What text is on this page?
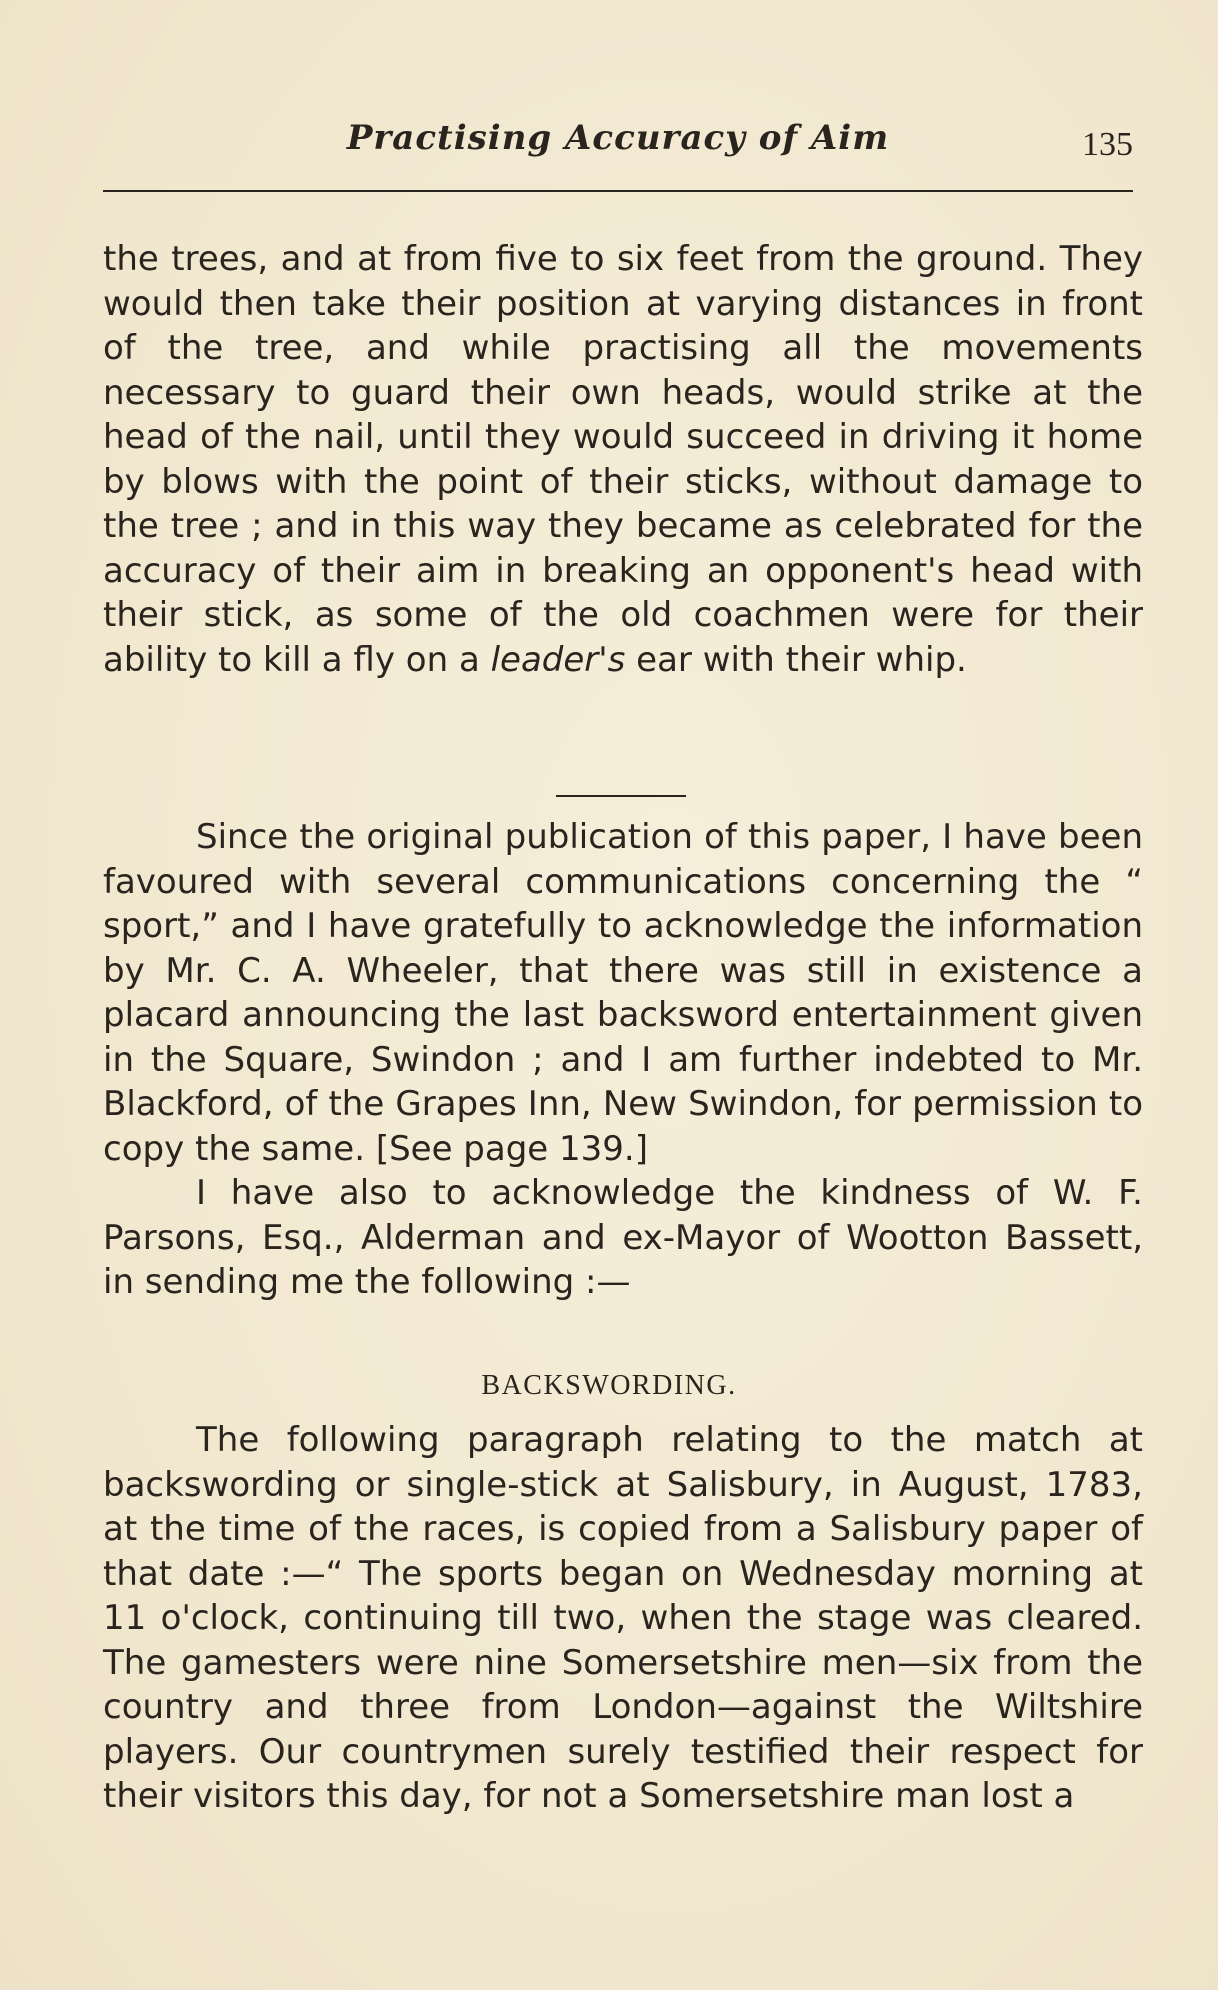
Practising Accuracy of Aim	135

the trees, and at from five to six feet from the ground. They would then take their position at varying distances in front of the tree, and while practising all the movements necessary to guard their own heads, would strike at the head of the nail, until they would succeed in driving it home by blows with the point of their sticks, without damage to the tree ; and in this way they became as celebrated for the accuracy of their aim in breaking an opponent's head with their stick, as some of the old coachmen were for their ability to kill a fly on a leader's ear with their whip.

Since the original publication of this paper, I have been favoured with several communications concerning the “ sport,” and I have gratefully to acknowledge the information by Mr. C. A. Wheeler, that there was still in existence a placard announcing the last backsword entertainment given in the Square, Swindon ; and I am further indebted to Mr. Blackford, of the Grapes Inn, New Swindon, for permission to copy the same. [See page 139.]

I have also to acknowledge the kindness of W. F. Parsons, Esq., Alderman and ex-Mayor of Wootton Bassett, in sending me the following :—

BACKSWORDING.

The following paragraph relating to the match at backswording or single-stick at Salisbury, in August, 1783, at the time of the races, is copied from a Salisbury paper of that date :—“ The sports began on Wednesday morning at 11 o'clock, continuing till two, when the stage was cleared. The gamesters were nine Somersetshire men—six from the country and three from London—against the Wiltshire players. Our countrymen surely testified their respect for their visitors this day, for not a Somersetshire man lost a
